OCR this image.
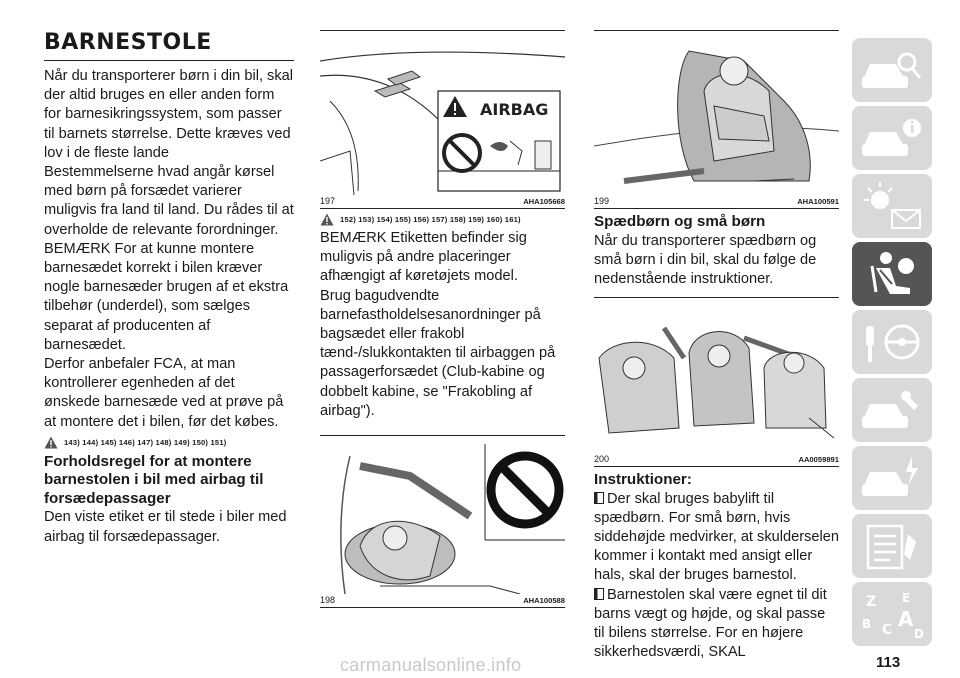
BARNESTOLE

Når du transporterer børn i din bil, skal der altid bruges en eller anden form for barnesikringssystem, som passer til barnets størrelse. Dette kræves ved lov i de fleste lande

Bestemmelserne hvad angår kørsel med børn på forsædet varierer muligvis fra land til land. Du rådes til at overholde de relevante forordninger.

BEMÆRK For at kunne montere barnesædet korrekt i bilen kræver nogle barnesæder brugen af et ekstra tilbehør (underdel), som sælges separat af producenten af barnesædet.

Derfor anbefaler FCA, at man kontrollerer egenheden af det ønskede barnesæde ved at prøve på at montere det i bilen, før det købes.

143) 144) 145) 146) 147) 148) 149) 150) 151)
Forholdsregel for at montere barnestolen i bil med airbag til forsædepassager

Den viste etiket er til stede i biler med airbag til forsædepassager.

AIRBAG
197	AHA105668
152) 153) 154) 155) 156) 157) 158) 159) 160) 161)

BEMÆRK Etiketten befinder sig muligvis på andre placeringer afhængigt af køretøjets model.

Brug bagudvendte barnefastholdelsesanordninger på bagsædet eller frakobl tænd-/slukkontakten til airbaggen på passagerforsædet (Club-kabine og dobbelt kabine, se "Frakobling af airbag").

198	AHA100588
199	AHA100591
Spædbørn og små børn

Når du transporterer spædbørn og små børn i din bil, skal du følge de nedenstående instruktioner.

200	AA0059891
Instruktioner:

Der skal bruges babylift til spædbørn. For små børn, hvis siddehøjde medvirker, at skulderselen kommer i kontakt med ansigt eller hals, skal der bruges barnestol.

Barnestolen skal være egnet til dit barns vægt og højde, og skal passe til bilens størrelse. For en højere sikkerhedsværdi, SKAL

Z E
B C A
D
113
carmanualsonline.info
